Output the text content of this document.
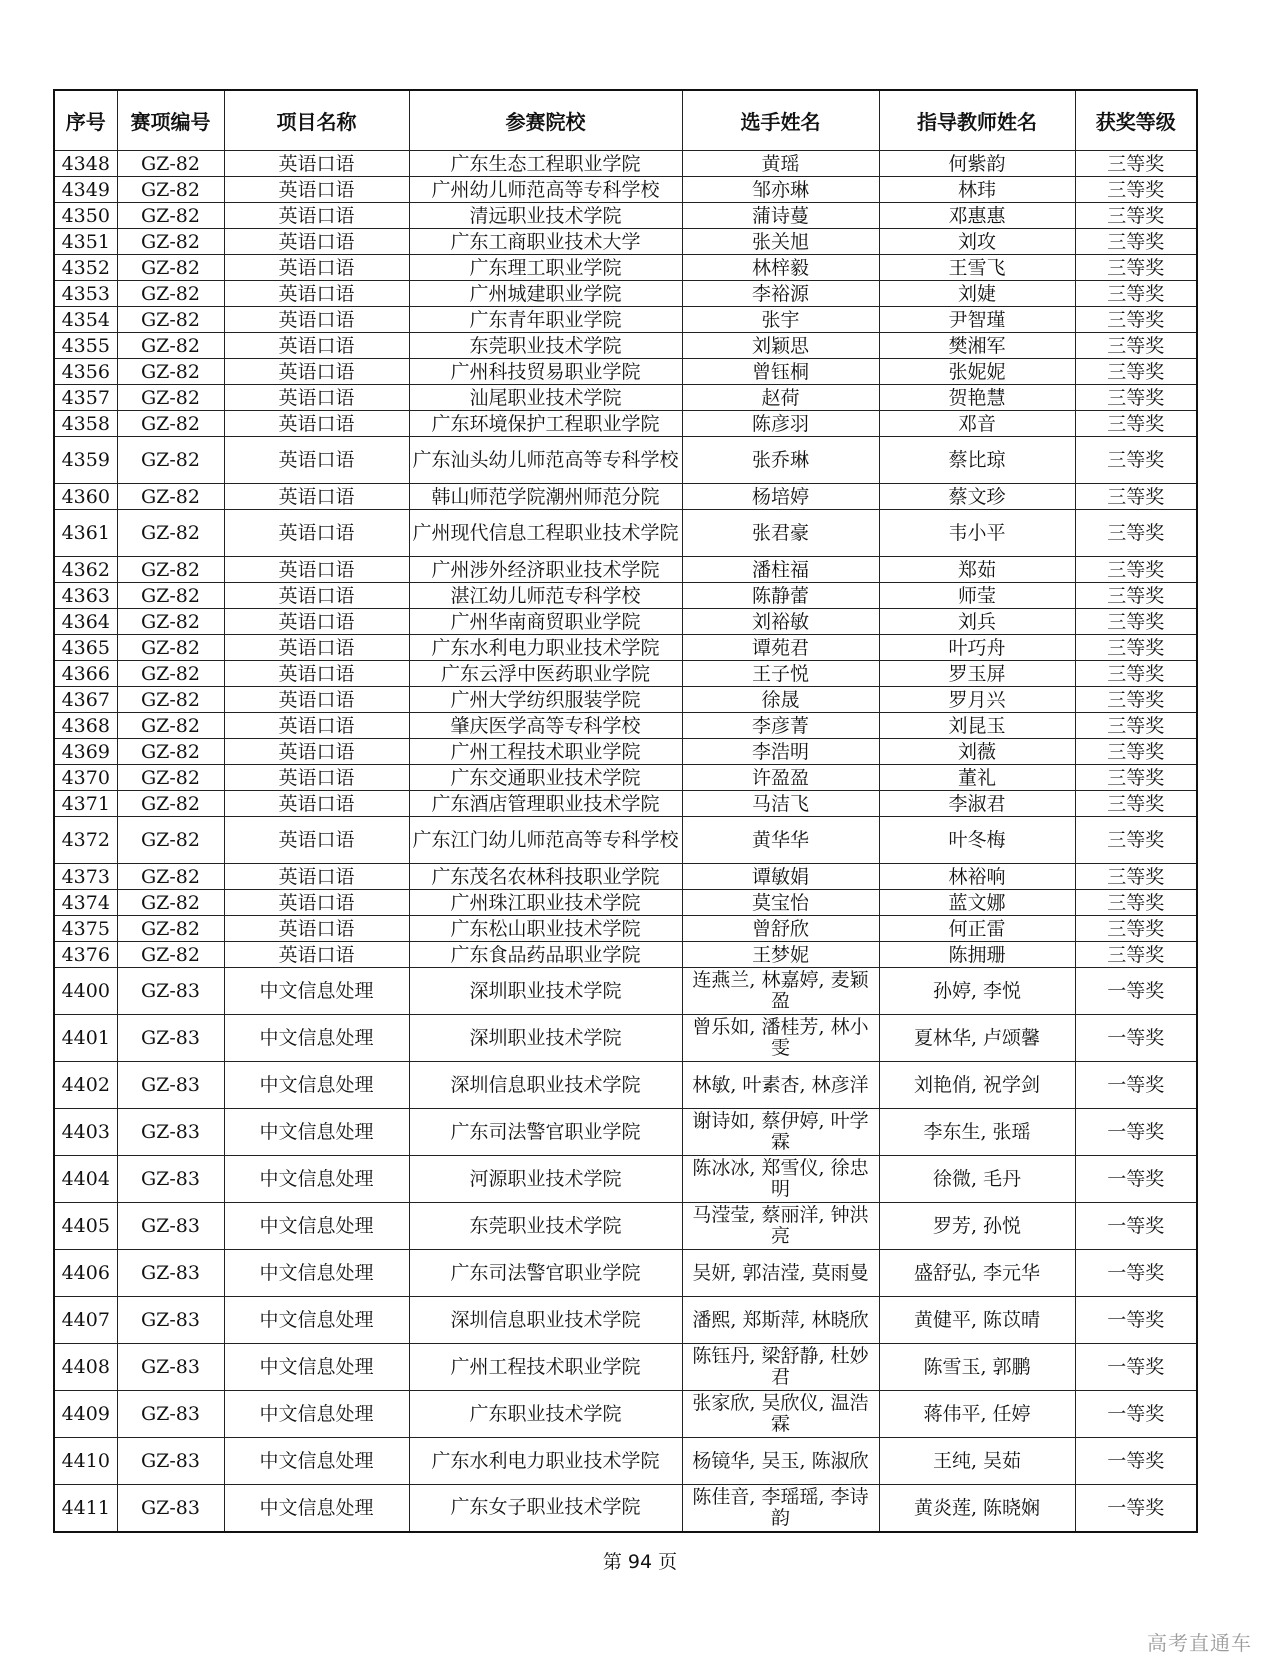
序号	赛项编号	项目名称	参赛院校	选手姓名	指导教师姓名	获奖等级
4348	GZ-82	英语口语	广东生态工程职业学院	黄瑶	何紫韵	三等奖
4349	GZ-82	英语口语	广州幼儿师范高等专科学校	邹亦琳	林玮	三等奖
4350	GZ-82	英语口语	清远职业技术学院	蒲诗蔓	邓惠惠	三等奖
4351	GZ-82	英语口语	广东工商职业技术大学	张关旭	刘攻	三等奖
4352	GZ-82	英语口语	广东理工职业学院	林梓毅	王雪飞	三等奖
4353	GZ-82	英语口语	广州城建职业学院	李裕源	刘婕	三等奖
4354	GZ-82	英语口语	广东青年职业学院	张宇	尹智瑾	三等奖
4355	GZ-82	英语口语	东莞职业技术学院	刘颖思	樊湘军	三等奖
4356	GZ-82	英语口语	广州科技贸易职业学院	曾钰桐	张妮妮	三等奖
4357	GZ-82	英语口语	汕尾职业技术学院	赵荷	贺艳慧	三等奖
4358	GZ-82	英语口语	广东环境保护工程职业学院	陈彦羽	邓音	三等奖
4359	GZ-82	英语口语	广东汕头幼儿师范高等专科学校	张乔琳	蔡比琼	三等奖
4360	GZ-82	英语口语	韩山师范学院潮州师范分院	杨培婷	蔡文珍	三等奖
4361	GZ-82	英语口语	广州现代信息工程职业技术学院	张君豪	韦小平	三等奖
4362	GZ-82	英语口语	广州涉外经济职业技术学院	潘柱福	郑茹	三等奖
4363	GZ-82	英语口语	湛江幼儿师范专科学校	陈静蕾	师莹	三等奖
4364	GZ-82	英语口语	广州华南商贸职业学院	刘裕敏	刘兵	三等奖
4365	GZ-82	英语口语	广东水利电力职业技术学院	谭苑君	叶巧舟	三等奖
4366	GZ-82	英语口语	广东云浮中医药职业学院	王子悦	罗玉屏	三等奖
4367	GZ-82	英语口语	广州大学纺织服装学院	徐晟	罗月兴	三等奖
4368	GZ-82	英语口语	肇庆医学高等专科学校	李彦菁	刘昆玉	三等奖
4369	GZ-82	英语口语	广州工程技术职业学院	李浩明	刘薇	三等奖
4370	GZ-82	英语口语	广东交通职业技术学院	许盈盈	董礼	三等奖
4371	GZ-82	英语口语	广东酒店管理职业技术学院	马洁飞	李淑君	三等奖
4372	GZ-82	英语口语	广东江门幼儿师范高等专科学校	黄华华	叶冬梅	三等奖
4373	GZ-82	英语口语	广东茂名农林科技职业学院	谭敏娟	林裕响	三等奖
4374	GZ-82	英语口语	广州珠江职业技术学院	莫宝怡	蓝文娜	三等奖
4375	GZ-82	英语口语	广东松山职业技术学院	曾舒欣	何正雷	三等奖
4376	GZ-82	英语口语	广东食品药品职业学院	王梦妮	陈拥珊	三等奖
4400	GZ-83	中文信息处理	深圳职业技术学院	连燕兰, 林嘉婷, 麦颖盈	孙婷, 李悦	一等奖
4401	GZ-83	中文信息处理	深圳职业技术学院	曾乐如, 潘桂芳, 林小雯	夏林华, 卢颂馨	一等奖
4402	GZ-83	中文信息处理	深圳信息职业技术学院	林敏, 叶素杏, 林彦洋	刘艳俏, 祝学剑	一等奖
4403	GZ-83	中文信息处理	广东司法警官职业学院	谢诗如, 蔡伊婷, 叶学霖	李东生, 张瑶	一等奖
4404	GZ-83	中文信息处理	河源职业技术学院	陈冰冰, 郑雪仪, 徐忠明	徐微, 毛丹	一等奖
4405	GZ-83	中文信息处理	东莞职业技术学院	马滢莹, 蔡丽洋, 钟洪亮	罗芳, 孙悦	一等奖
4406	GZ-83	中文信息处理	广东司法警官职业学院	吴妍, 郭洁滢, 莫雨曼	盛舒弘, 李元华	一等奖
4407	GZ-83	中文信息处理	深圳信息职业技术学院	潘熙, 郑斯萍, 林晓欣	黄健平, 陈苡晴	一等奖
4408	GZ-83	中文信息处理	广州工程技术职业学院	陈钰丹, 梁舒静, 杜妙君	陈雪玉, 郭鹏	一等奖
4409	GZ-83	中文信息处理	广东职业技术学院	张家欣, 吴欣仪, 温浩霖	蒋伟平, 任婷	一等奖
4410	GZ-83	中文信息处理	广东水利电力职业技术学院	杨镜华, 吴玉, 陈淑欣	王纯, 吴茹	一等奖
4411	GZ-83	中文信息处理	广东女子职业技术学院	陈佳音, 李瑶瑶, 李诗韵	黄炎莲, 陈晓娴	一等奖
第 94 页
高考直通车
